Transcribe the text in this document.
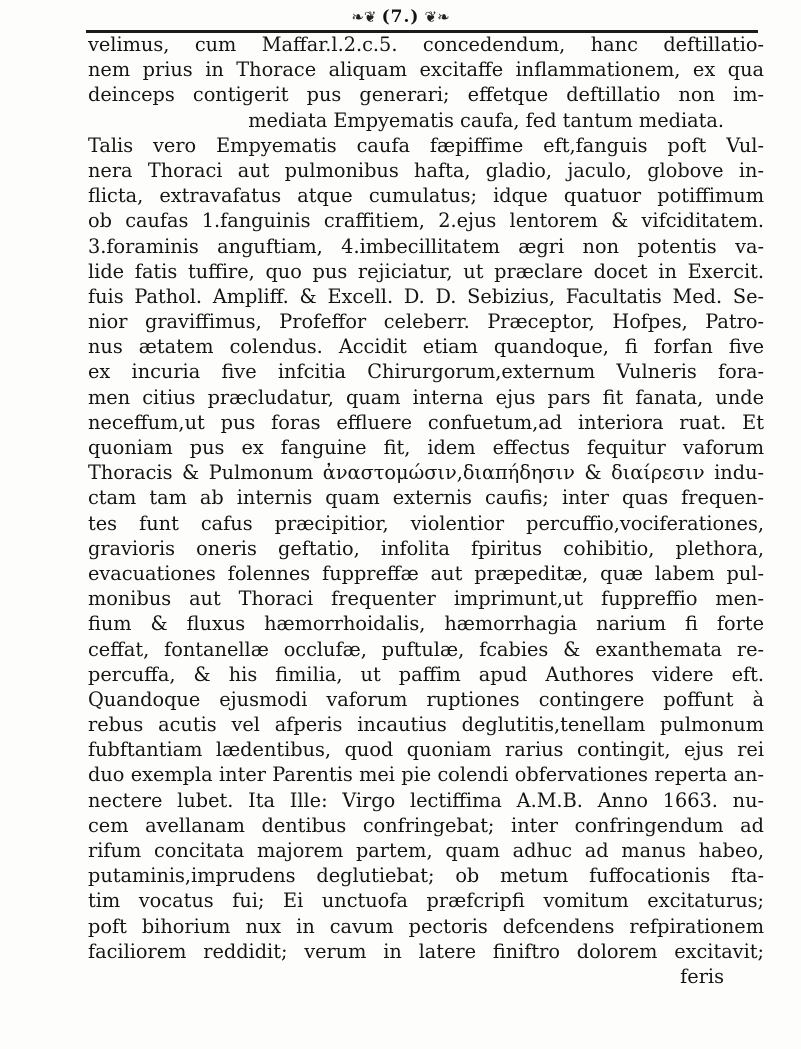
❧❦ (7.) ❦❧
velimus, cum Maffar.l.2.c.5. concedendum, hanc deftillatio-
nem prius in Thorace aliquam excitaffe inflammationem, ex qua
deinceps contigerit pus generari; effetque deftillatio non im-
mediata Empyematis caufa, fed tantum mediata.
Talis vero Empyematis caufa fæpiffime eft,fanguis poft Vul-
nera Thoraci aut pulmonibus hafta, gladio, jaculo, globove in-
flicta, extravafatus atque cumulatus; idque quatuor potiffimum
ob caufas 1.fanguinis craffitiem, 2.ejus lentorem & vifciditatem.
3.foraminis anguftiam, 4.imbecillitatem ægri non potentis va-
lide fatis tuffire, quo pus rejiciatur, ut præclare docet in Exercit.
fuis Pathol. Ampliff. & Excell. D. D. Sebizius, Facultatis Med. Se-
nior graviffimus, Profeffor celeberr. Præceptor, Hofpes, Patro-
nus ætatem colendus. Accidit etiam quandoque, fi forfan five
ex incuria five infcitia Chirurgorum,externum Vulneris fora-
men citius præcludatur, quam interna ejus pars fit fanata, unde
neceffum,ut pus foras effluere confuetum,ad interiora ruat. Et
quoniam pus ex fanguine fit, idem effectus fequitur vaforum
Thoracis & Pulmonum ἀναστομώσιν,διαπήδησιν & διαίρεσιν indu-
ctam tam ab internis quam externis caufis; inter quas frequen-
tes funt cafus præcipitior, violentior percuffio,vociferationes,
gravioris oneris geftatio, infolita fpiritus cohibitio, plethora,
evacuationes folennes fuppreffæ aut præpeditæ, quæ labem pul-
monibus aut Thoraci frequenter imprimunt,ut fuppreffio men-
fium & fluxus hæmorrhoidalis, hæmorrhagia narium fi forte
ceffat, fontanellæ occlufæ, puftulæ, fcabies & exanthemata re-
percuffa, & his fimilia, ut paffim apud Authores videre eft.
Quandoque ejusmodi vaforum ruptiones contingere poffunt à
rebus acutis vel afperis incautius deglutitis,tenellam pulmonum
fubftantiam lædentibus, quod quoniam rarius contingit, ejus rei
duo exempla inter Parentis mei pie colendi obfervationes reperta an-
nectere lubet. Ita Ille: Virgo lectiffima A.M.B. Anno 1663. nu-
cem avellanam dentibus confringebat; inter confringendum ad
rifum concitata majorem partem, quam adhuc ad manus habeo,
putaminis,imprudens deglutiebat; ob metum fuffocationis fta-
tim vocatus fui; Ei unctuofa præfcripfi vomitum excitaturus;
poft bihorium nux in cavum pectoris defcendens refpirationem
faciliorem reddidit; verum in latere finiftro dolorem excitavit;
feris
